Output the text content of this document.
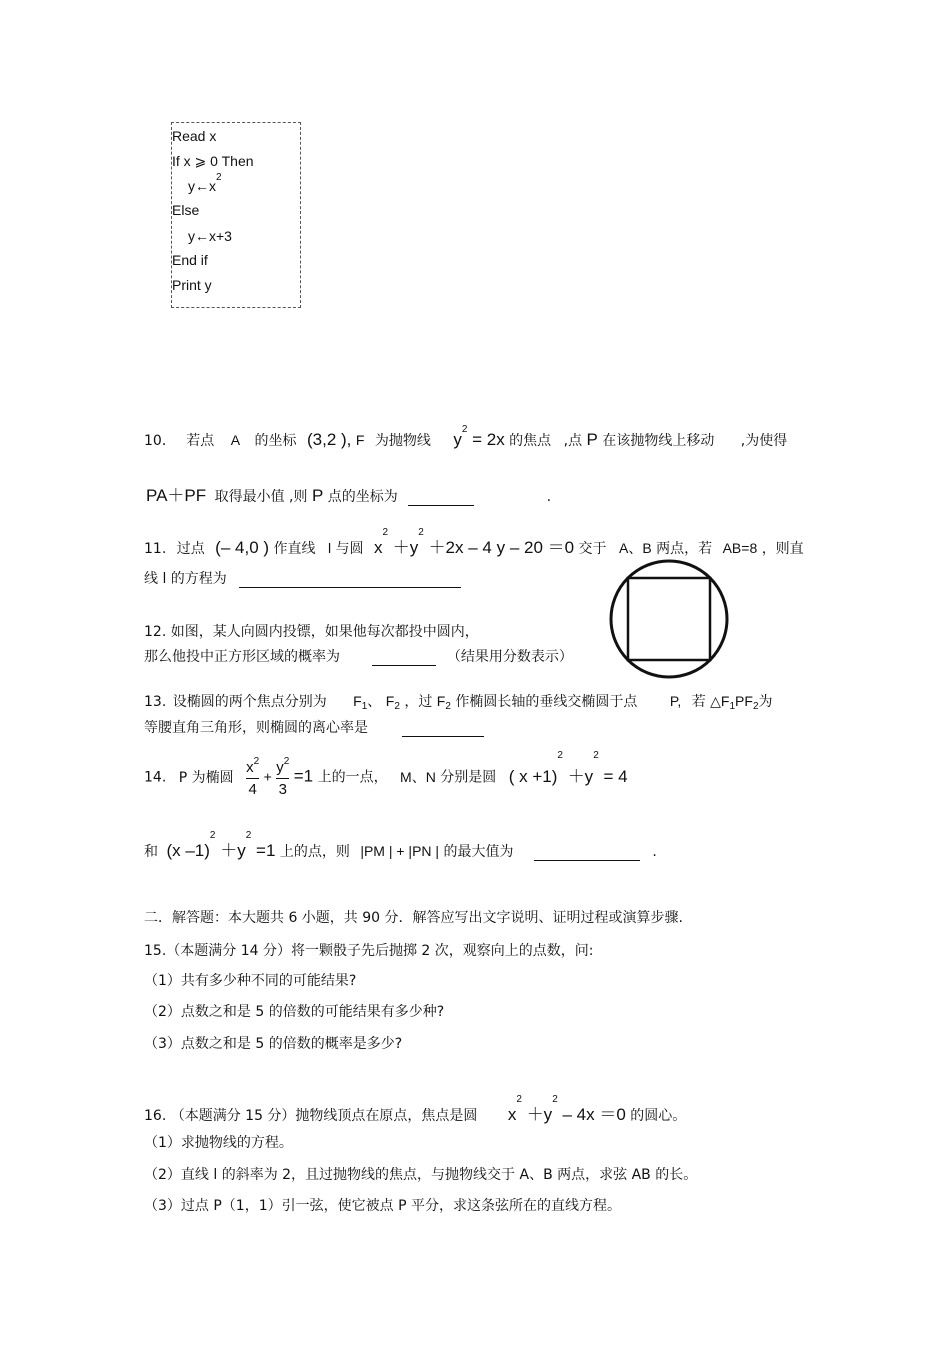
Read x
If x ⩾ 0 Then
$y\leftarrow x^2$
Else
y←x+3
End if
Print y
10． 若点 A 的坐标 (3,2 ), F 为抛物线 $y^2 = 2x$ 的焦点 ,点 P 在该抛物线上移动 ,为使得
PA＋PF 取得最小值 ,则 P 点的坐标为	.
11. 过点 (– 4,0 ) 作直线 l 与圆 $x^2 +y^2 +2x - 4$ y – 20 ＝0 交于 A、B 两点，若 AB=8 ，则直
线 l 的方程为
12. 如图，某人向圆内投镖，如果他每次都投中圆内，
那么他投中正方形区域的概率为	（结果用分数表示）
13. 设椭圆的两个焦点分别为 $F_1$、 $F_2$ ，过 $F_2$ 作椭圆长轴的垂线交椭圆于点 P, 若 $\triangle F_1PF_2$为
等腰直角三角形，则椭圆的离心率是
14. P 为椭圆 $\frac{x^2}{4} + \frac{y^2}{3} =1$ 上的一点， M、N 分别是圆 ( $x +1)^2 +y^2 = 4$
和 (x $-1)^2 +y^2 =1$ 上的点，则 |PM | + |PN | 的最大值为	.
二．解答题：本大题共 6 小题，共 90 分．解答应写出文字说明、证明过程或演算步骤.
15.（本题满分 14 分）将一颗骰子先后抛掷 2 次，观察向上的点数，问:
（1）共有多少种不同的可能结果?
（2）点数之和是 5 的倍数的可能结果有多少种?
（3）点数之和是 5 的倍数的概率是多少?
16. （本题满分 15 分）抛物线顶点在原点，焦点是圆 $x^2 +y^2 - 4x =0$ 的圆心。
（1）求抛物线的方程。
（2）直线 l 的斜率为 2，且过抛物线的焦点，与抛物线交于 A、B 两点，求弦 AB 的长。
（3）过点 P（1，1）引一弦，使它被点 P 平分，求这条弦所在的直线方程。
